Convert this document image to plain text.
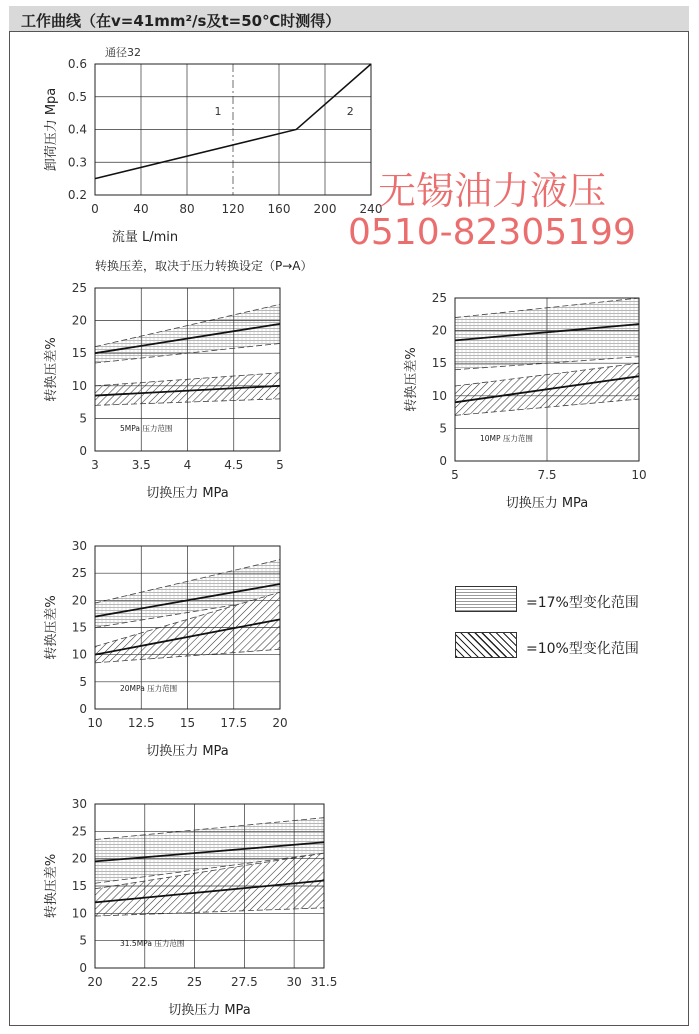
工作曲线（在v=41mm²/s及t=50℃时测得）
0	40	80 120 160 200 240
0.2
0.3
0.4
0.5
0.6
流量 L/min
卸荷压力 Mpa
通径32
1	2
3	3.5	4	4.5	5
0
5
10
15
20
25
切换压力 MPa
转换压差%
转换压差，取决于压力转换设定（P→A）
5MPa 压力范围
5	7.5	10
0
5
10
15
20
25
切换压力 MPa
转换压差%
10MP 压力范围
10 12.5 15 17.5 20
0
5
10
15
20
25
30
切换压力 MPa
转换压差%
20MPa 压力范围
20 22.5 25 27.5 30 31.5
0
5
10
15
20
25
30
切换压力 MPa
转换压差%
31.5MPa 压力范围
=17%型变化范围
=10%型变化范围
无锡油力液压
0510-82305199
